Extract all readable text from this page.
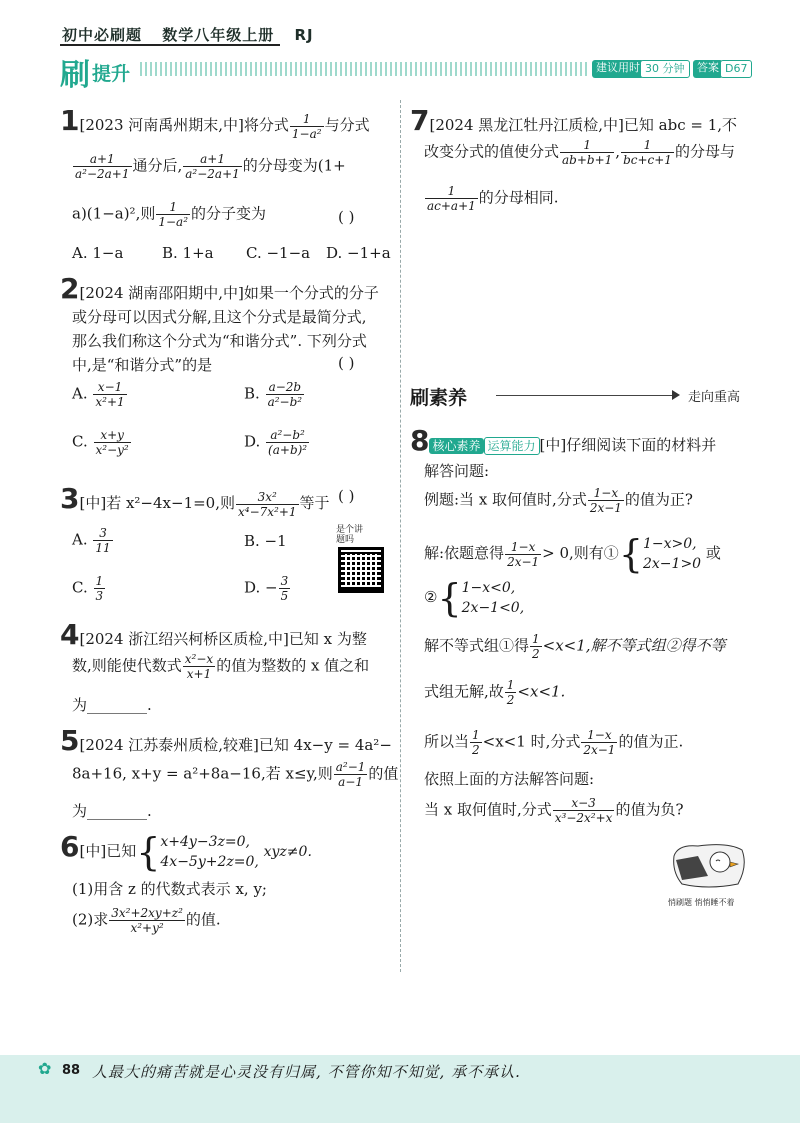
初中必刷题 数学八年级上册 RJ
刷 提升	建议用时 30 分钟	答案 D67
1[2023 河南禹州期末,中]将分式 $\frac{1}{\text{1−a²}}$ 与分式
$\frac{a+1}{\text{a²−2a+1}}$ 通分后, $\frac{a+1}{\text{a²−2a+1}}$ 的分母变为(1+
a)(1−a)²,则 $\frac{1}{\text{1−a²}}$ 的分子变为	( )
A. 1−a	B. 1+a C. −1−a D. −1+a
2[2024 湖南邵阳期中,中]如果一个分式的分子
或分母可以因式分解,且这个分式是最简分式,
那么我们称这个分式为“和谐分式”. 下列分式
中,是“和谐分式”的是	( )
A. $\frac{x-1}{\text{x²+1}}$	B. $\frac{a-2b}{\text{a²−b²}}$
C. $\frac{x+y}{\text{x²−y²}}$	D. $\frac{\text{a²−b²}}{\text{(a+b)²}}$
3[中]若 x²−4x−1=0,则 $\frac{\text{3x²}}{\text{x⁴−7x²+1}}$ 等于 ( )
A. $\frac{3}{11}$	B. −1
C. $\frac{1}{3}$	D. − $\frac{3}{5}$
是个讲题吗
4[2024 浙江绍兴柯桥区质检,中]已知 x 为整
数,则能使代数式 $\frac{\text{x²−x}}{x+1}$ 的值为整数的 x 值之和
为________.
5[2024 江苏泰州质检,较难]已知 4x−y = 4a²−
8a+16, x+y = a²+8a−16,若 x≤y,则 $\frac{\text{a²−1}}{a-1}$ 的值
为________.
6[中]已知{ x+4y−3z=0,
4x−5y+2z=0,
xyz≠0.
(1)用含 z 的代数式表示 x, y;
(2)求 $\frac{\text{3x²+2xy+z²}}{\text{x²+y²}}$ 的值.
7[2024 黑龙江牡丹江质检,中]已知 abc = 1,不
改变分式的值使分式 $\frac{1}{ab+b+1}$ , $\frac{1}{bc+c+1}$ 的分母与
$\frac{1}{ac+a+1}$ 的分母相同.
刷素养	走向重高
8 核心素养 运算能力 [中]仔细阅读下面的材料并
解答问题:
例题:当 x 取何值时,分式 $\frac{1-x}{2x-1}$ 的值为正?
解:依题意得 $\frac{1-x}{2x-1} > 0$,则有①{ 1−x>0,
2x−1>0
或
②{ 1−x<0,
2x−1<0,
解不等式组①得 $\frac{1}{2} <x<1$,解不等式组②得不等
式组无解,故 $\frac{1}{2} <x<1$.
所以当 $\frac{1}{2} <x<1$ 时,分式 $\frac{1-x}{2x-1}$ 的值为正.
依照上面的方法解答问题:
当 x 取何值时,分式 $\frac{x-3}{\text{x³−2x²+x}}$ 的值为负?
悄刷题 悄悄睡不着
✿ 88 人最大的痛苦就是心灵没有归属, 不管你知不知觉, 承不承认.
